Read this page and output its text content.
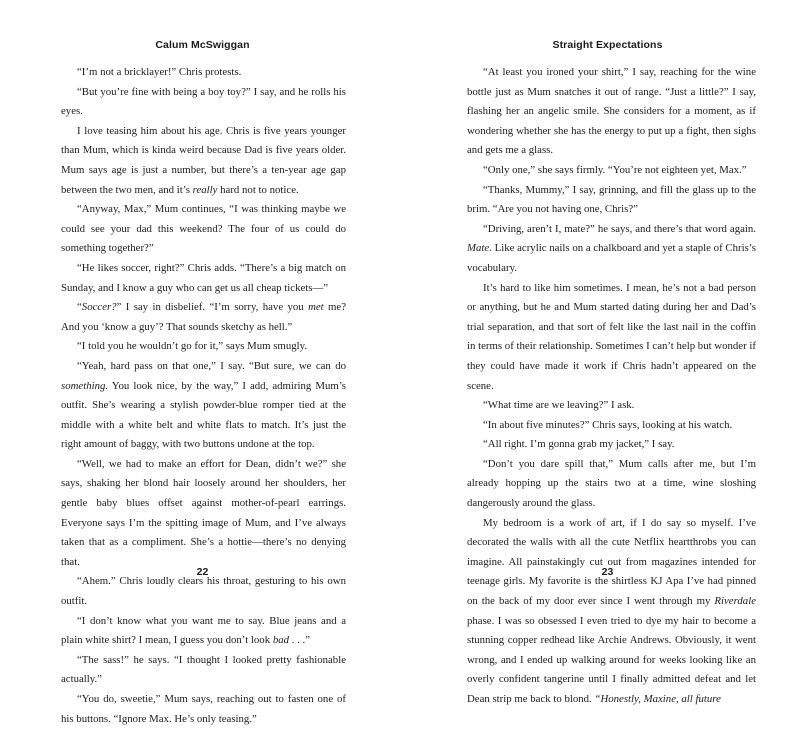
Calum McSwiggan

“I’m not a bricklayer!” Chris protests.

“But you’re fine with being a boy toy?” I say, and he rolls his eyes.

I love teasing him about his age. Chris is five years younger than Mum, which is kinda weird because Dad is five years older. Mum says age is just a number, but there’s a ten-year age gap between the two men, and it’s really hard not to notice.

“Anyway, Max,” Mum continues, “I was thinking maybe we could see your dad this weekend? The four of us could do something together?”

“He likes soccer, right?” Chris adds. “There’s a big match on Sunday, and I know a guy who can get us all cheap tickets—”

“Soccer?” I say in disbelief. “I’m sorry, have you met me? And you ‘know a guy’? That sounds sketchy as hell.”

“I told you he wouldn’t go for it,” says Mum smugly.

“Yeah, hard pass on that one,” I say. “But sure, we can do something. You look nice, by the way,” I add, admiring Mum’s outfit. She’s wearing a stylish powder-blue romper tied at the middle with a white belt and white flats to match. It’s just the right amount of baggy, with two buttons undone at the top.

“Well, we had to make an effort for Dean, didn’t we?” she says, shaking her blond hair loosely around her shoulders, her gentle baby blues offset against mother-of-pearl earrings. Everyone says I’m the spitting image of Mum, and I’ve always taken that as a compliment. She’s a hottie—there’s no denying that.

“Ahem.” Chris loudly clears his throat, gesturing to his own outfit.

“I don’t know what you want me to say. Blue jeans and a plain white shirt? I mean, I guess you don’t look bad . . .”

“The sass!” he says. “I thought I looked pretty fashionable actually.”

“You do, sweetie,” Mum says, reaching out to fasten one of his buttons. “Ignore Max. He’s only teasing.”

22
Straight Expectations

“At least you ironed your shirt,” I say, reaching for the wine bottle just as Mum snatches it out of range. “Just a little?” I say, flashing her an angelic smile. She considers for a moment, as if wondering whether she has the energy to put up a fight, then sighs and gets me a glass.

“Only one,” she says firmly. “You’re not eighteen yet, Max.”

“Thanks, Mummy,” I say, grinning, and fill the glass up to the brim. “Are you not having one, Chris?”

“Driving, aren’t I, mate?” he says, and there’s that word again. Mate. Like acrylic nails on a chalkboard and yet a staple of Chris’s vocabulary.

It’s hard to like him sometimes. I mean, he’s not a bad person or anything, but he and Mum started dating during her and Dad’s trial separation, and that sort of felt like the last nail in the coffin in terms of their relationship. Sometimes I can’t help but wonder if they could have made it work if Chris hadn’t appeared on the scene.

“What time are we leaving?” I ask.

“In about five minutes?” Chris says, looking at his watch.

“All right. I’m gonna grab my jacket,” I say.

“Don’t you dare spill that,” Mum calls after me, but I’m already hopping up the stairs two at a time, wine sloshing dangerously around the glass.

My bedroom is a work of art, if I do say so myself. I’ve decorated the walls with all the cute Netflix heartthrobs you can imagine. All painstakingly cut out from magazines intended for teenage girls. My favorite is the shirtless KJ Apa I’ve had pinned on the back of my door ever since I went through my Riverdale phase. I was so obsessed I even tried to dye my hair to become a stunning copper redhead like Archie Andrews. Obviously, it went wrong, and I ended up walking around for weeks looking like an overly confident tangerine until I finally admitted defeat and let Dean strip me back to blond. “Honestly, Maxine, all future

23
